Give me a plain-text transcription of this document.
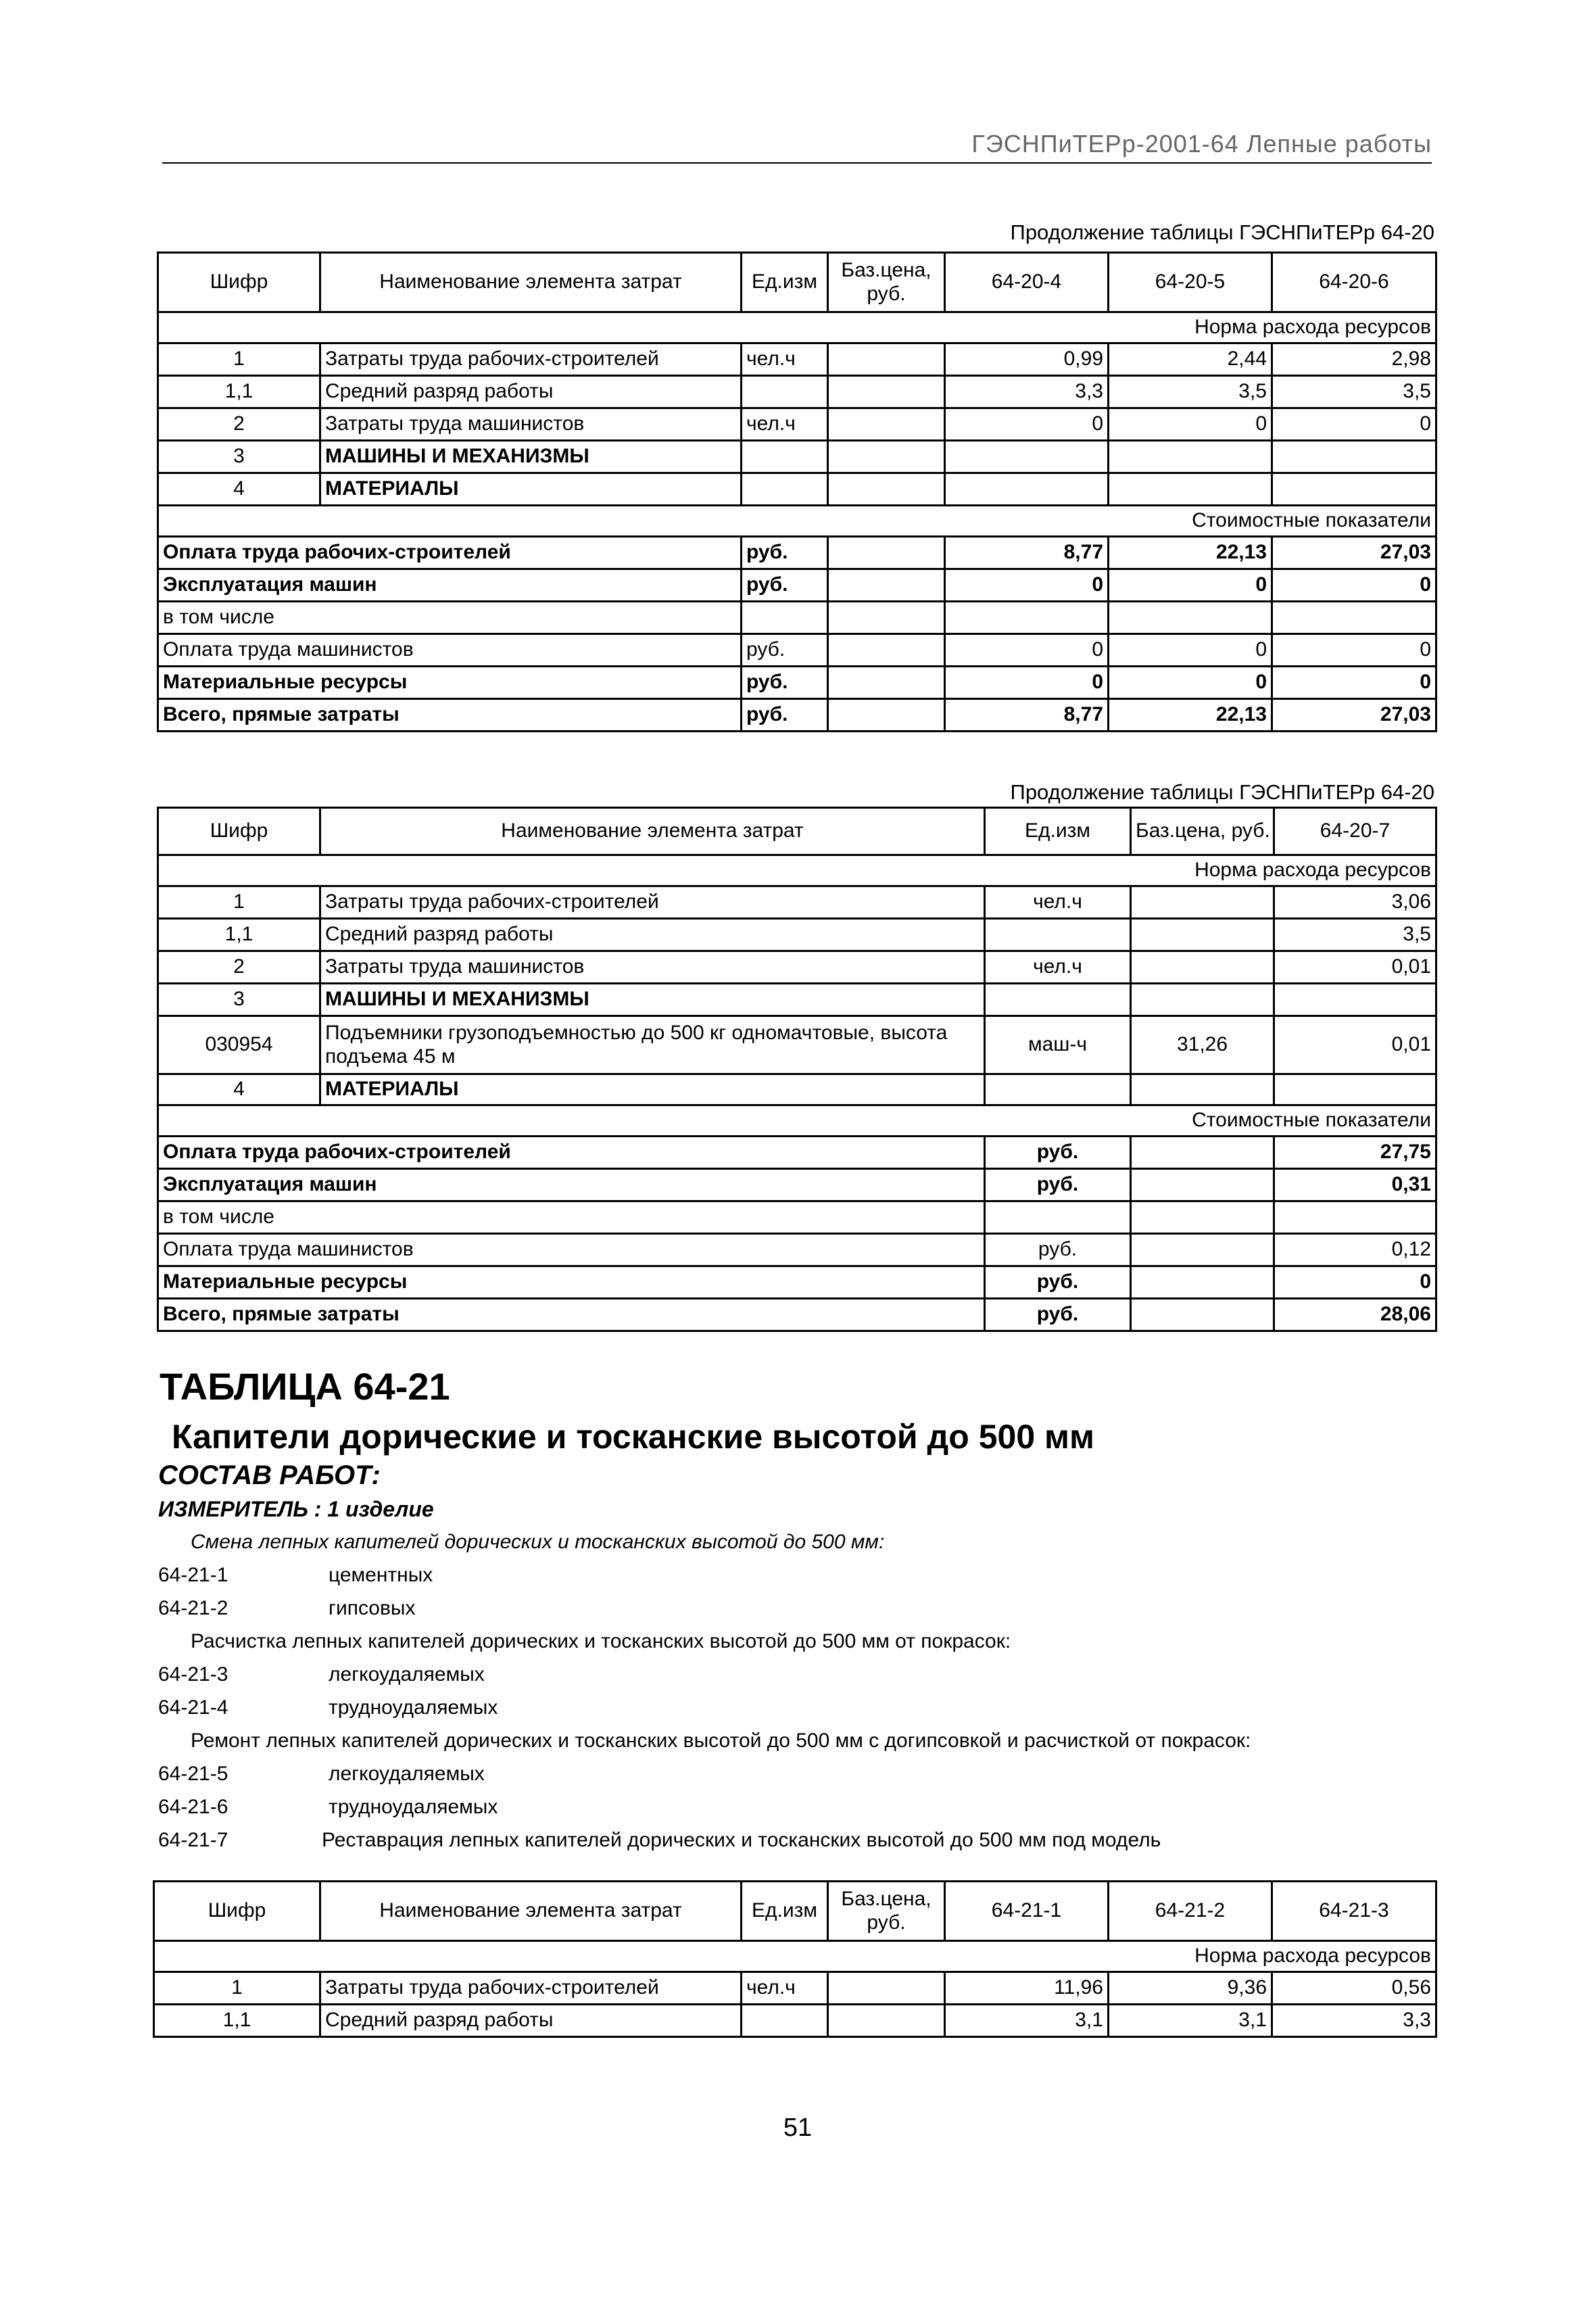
ГЭСНПиТЕРр-2001-64 Лепные работы
Продолжение таблицы ГЭСНПиТЕРр 64-20
Шифр	Наименование элемента затрат	Ед.изм	Баз.цена, руб.	64-20-4	64-20-5	64-20-6
Норма расхода ресурсов						
1	Затраты труда рабочих-строителей	чел.ч		0,99	2,44	2,98
1,1	Средний разряд работы			3,3	3,5	3,5
2	Затраты труда машинистов	чел.ч		0	0	0
3	МАШИНЫ И МЕХАНИЗМЫ					
4	МАТЕРИАЛЫ					
Стоимостные показатели						
Оплата труда рабочих-строителей		руб.		8,77	22,13	27,03
Эксплуатация машин		руб.		0	0	0
в том числе						
Оплата труда машинистов		руб.		0	0	0
Материальные ресурсы		руб.		0	0	0
Всего, прямые затраты		руб.		8,77	22,13	27,03
Продолжение таблицы ГЭСНПиТЕРр 64-20
Шифр	Наименование элемента затрат	Ед.изм	Баз.цена, руб.	64-20-7
Норма расхода ресурсов				
1	Затраты труда рабочих-строителей	чел.ч		3,06
1,1	Средний разряд работы			3,5
2	Затраты труда машинистов	чел.ч		0,01
3	МАШИНЫ И МЕХАНИЗМЫ			
030954	Подъемники грузоподъемностью до 500 кг одномачтовые, высота подъема 45 м	маш-ч	31,26	0,01
4	МАТЕРИАЛЫ			
Стоимостные показатели				
Оплата труда рабочих-строителей		руб.		27,75
Эксплуатация машин		руб.		0,31
в том числе				
Оплата труда машинистов		руб.		0,12
Материальные ресурсы		руб.		0
Всего, прямые затраты		руб.		28,06
ТАБЛИЦА 64-21
Капители дорические и тосканские высотой до 500 мм
СОСТАВ РАБОТ:
ИЗМЕРИТЕЛЬ : 1 изделие
Смена лепных капителей дорических и тосканских высотой до 500 мм:
64-21-1	цементных
64-21-2	гипсовых
Расчистка лепных капителей дорических и тосканских высотой до 500 мм от покрасок:
64-21-3	легкоудаляемых
64-21-4	трудноудаляемых
Ремонт лепных капителей дорических и тосканских высотой до 500 мм с догипсовкой и расчисткой от покрасок:
64-21-5	легкоудаляемых
64-21-6	трудноудаляемых
64-21-7	Реставрация лепных капителей дорических и тосканских высотой до 500 мм под модель
Шифр	Наименование элемента затрат	Ед.изм	Баз.цена, руб.	64-21-1	64-21-2	64-21-3
Норма расхода ресурсов						
1	Затраты труда рабочих-строителей	чел.ч		11,96	9,36	0,56
1,1	Средний разряд работы			3,1	3,1	3,3
51
